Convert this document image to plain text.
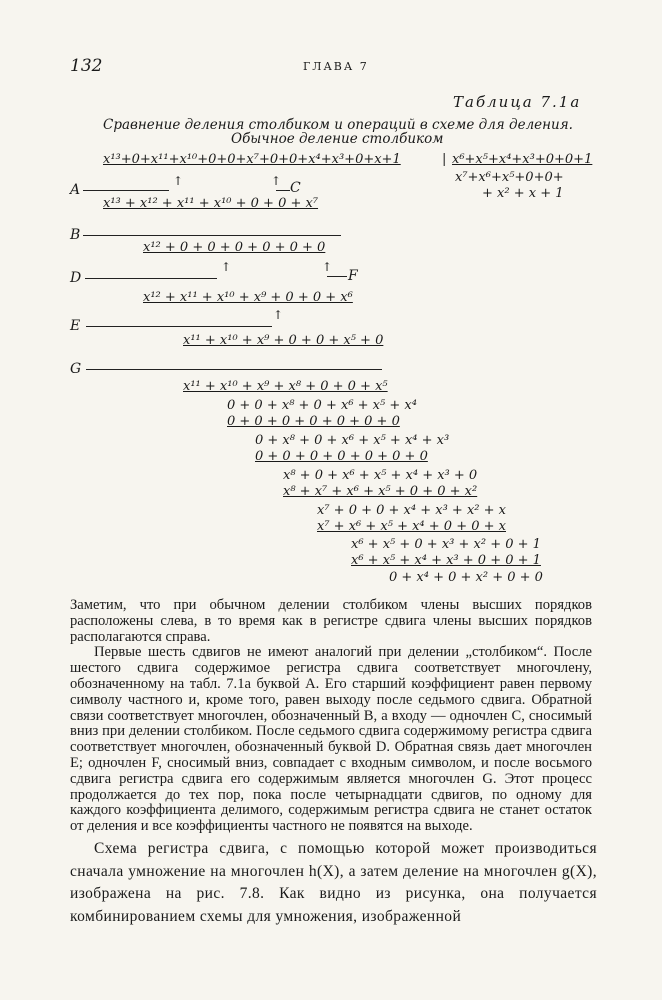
132	ГЛАВА 7
Таблица 7.1а
Сравнение деления столбиком и операций в схеме для деления.
Обычное деление столбиком
x¹³+0+x¹¹+x¹⁰+0+0+x⁷+0+0+x⁴+x³+0+x+1	| x⁶+x⁵+x⁴+x³+0+0+1
x⁷+x⁶+x⁵+0+0+
+ x² + x + 1
↑	↑ C
A
x¹³ + x¹² + x¹¹ + x¹⁰ + 0 + 0 + x⁷
B
x¹² + 0 + 0 + 0 + 0 + 0 + 0
↑	↑
D	F
x¹² + x¹¹ + x¹⁰ + x⁹ + 0 + 0 + x⁶
↑
E
x¹¹ + x¹⁰ + x⁹ + 0 + 0 + x⁵ + 0
G
x¹¹ + x¹⁰ + x⁹ + x⁸ + 0 + 0 + x⁵
0 + 0 + x⁸ + 0 + x⁶ + x⁵ + x⁴
0 + 0 + 0 + 0 + 0 + 0 + 0
0 + x⁸ + 0 + x⁶ + x⁵ + x⁴ + x³
0 + 0 + 0 + 0 + 0 + 0 + 0
x⁸ + 0 + x⁶ + x⁵ + x⁴ + x³ + 0
x⁸ + x⁷ + x⁶ + x⁵ + 0 + 0 + x²
x⁷ + 0 + 0 + x⁴ + x³ + x² + x
x⁷ + x⁶ + x⁵ + x⁴ + 0 + 0 + x
x⁶ + x⁵ + 0 + x³ + x² + 0 + 1
x⁶ + x⁵ + x⁴ + x³ + 0 + 0 + 1
0 + x⁴ + 0 + x² + 0 + 0

Заметим, что при обычном делении столбиком члены высших порядков расположены слева, в то время как в регистре сдвига члены высших порядков располагаются справа.

Первые шесть сдвигов не имеют аналогий при делении „столбиком“. После шестого сдвига содержимое регистра сдвига соответствует многочлену, обозначенному на табл. 7.1а буквой A. Его старший коэффициент равен первому символу частного и, кроме того, равен выходу после седьмого сдвига. Обратной связи соответствует многочлен, обозначенный B, а входу — одночлен C, сносимый вниз при делении столбиком. После седьмого сдвига содержимому регистра сдвига соответствует многочлен, обозначенный буквой D. Обратная связь дает многочлен E; одночлен F, сносимый вниз, совпадает с входным символом, и после восьмого сдвига регистра сдвига его содержимым является многочлен G. Этот процесс продолжается до тех пор, пока после четырнадцати сдвигов, по одному для каждого коэффициента делимого, содержимым регистра сдвига не станет остаток от деления и все коэффициенты частного не появятся на выходе.

Схема регистра сдвига, с помощью которой может производиться сначала умножение на многочлен h(X), а затем деление на многочлен g(X), изображена на рис. 7.8. Как видно из рисунка, она получается комбинированием схемы для умножения, изображенной
